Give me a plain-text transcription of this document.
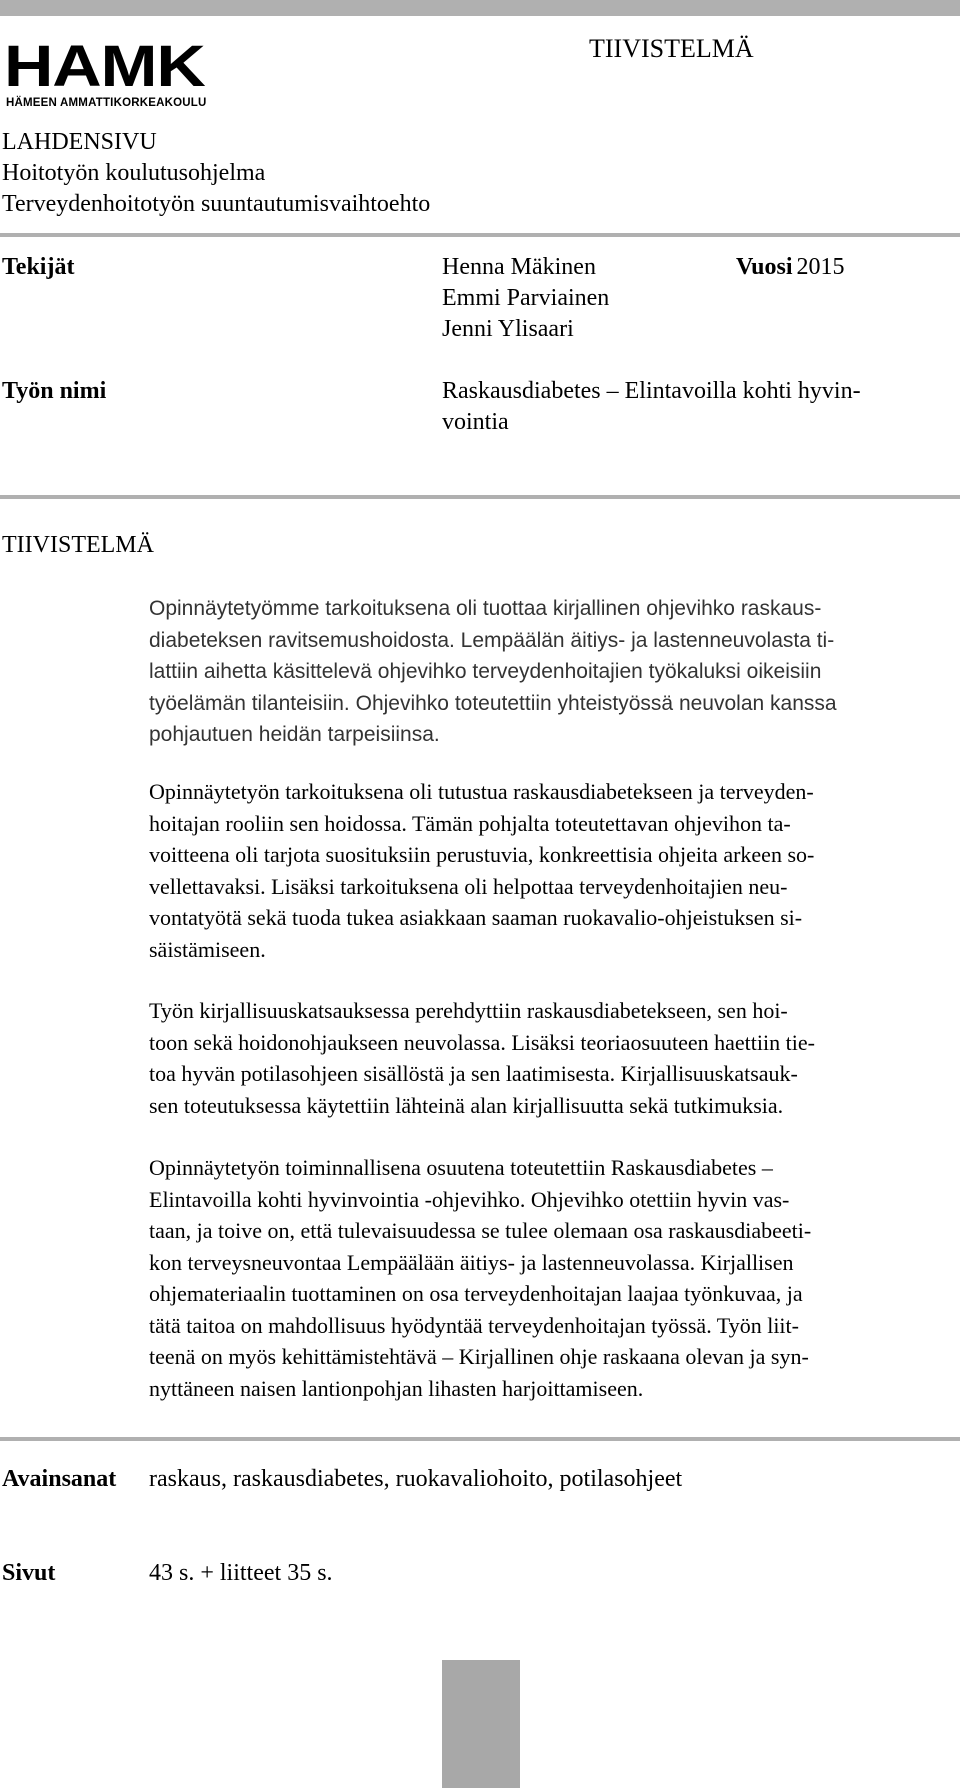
HAMK
HÄMEEN AMMATTIKORKEAKOULU
TIIVISTELMÄ
LAHDENSIVU
Hoitotyön koulutusohjelma
Terveydenhoitotyön suuntautumisvaihtoehto
Tekijät	Henna Mäkinen
Emmi Parviainen
Jenni Ylisaari
Vuosi 2015
Työn nimi	Raskausdiabetes – Elintavoilla kohti hyvin-
vointia
TIIVISTELMÄ
Opinnäytetyömme tarkoituksena oli tuottaa kirjallinen ohjevihko raskaus-
diabeteksen ravitsemushoidosta. Lempäälän äitiys- ja lastenneuvolasta ti-
lattiin aihetta käsittelevä ohjevihko terveydenhoitajien työkaluksi oikeisiin
työelämän tilanteisiin. Ohjevihko toteutettiin yhteistyössä neuvolan kanssa
pohjautuen heidän tarpeisiinsa.
Opinnäytetyön tarkoituksena oli tutustua raskausdiabetekseen ja terveyden-
hoitajan rooliin sen hoidossa. Tämän pohjalta toteutettavan ohjevihon ta-
voitteena oli tarjota suosituksiin perustuvia, konkreettisia ohjeita arkeen so-
vellettavaksi. Lisäksi tarkoituksena oli helpottaa terveydenhoitajien neu-
vontatyötä sekä tuoda tukea asiakkaan saaman ruokavalio-ohjeistuksen si-
säistämiseen.
Työn kirjallisuuskatsauksessa perehdyttiin raskausdiabetekseen, sen hoi-
toon sekä hoidonohjaukseen neuvolassa. Lisäksi teoriaosuuteen haettiin tie-
toa hyvän potilasohjeen sisällöstä ja sen laatimisesta. Kirjallisuuskatsauk-
sen toteutuksessa käytettiin lähteinä alan kirjallisuutta sekä tutkimuksia.
Opinnäytetyön toiminnallisena osuutena toteutettiin Raskausdiabetes –
Elintavoilla kohti hyvinvointia -ohjevihko. Ohjevihko otettiin hyvin vas-
taan, ja toive on, että tulevaisuudessa se tulee olemaan osa raskausdiabeeti-
kon terveysneuvontaa Lempäälään äitiys- ja lastenneuvolassa. Kirjallisen
ohjemateriaalin tuottaminen on osa terveydenhoitajan laajaa työnkuvaa, ja
tätä taitoa on mahdollisuus hyödyntää terveydenhoitajan työssä. Työn liit-
teenä on myös kehittämistehtävä – Kirjallinen ohje raskaana olevan ja syn-
nyttäneen naisen lantionpohjan lihasten harjoittamiseen.
Avainsanat raskaus, raskausdiabetes, ruokavaliohoito, potilasohjeet
Sivut	43 s. + liitteet 35 s.
